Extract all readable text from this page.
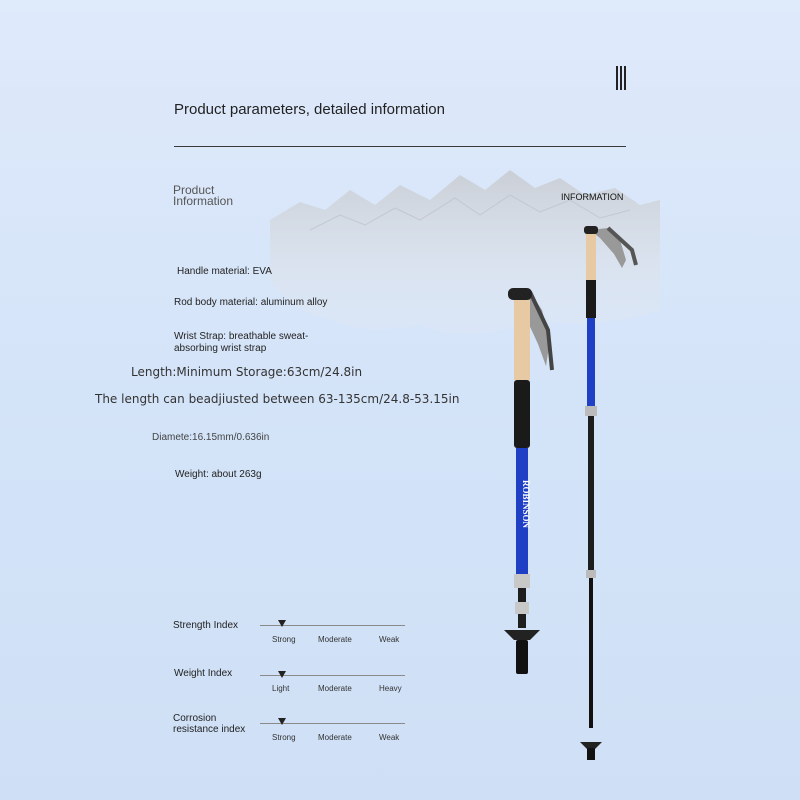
Product parameters, detailed information
Product
Information	INFORMATION
Handle material: EVA
Rod body material: aluminum alloy
Wrist Strap: breathable sweat-
absorbing wrist strap
Length:Minimum Storage:63cm/24.8in
The length can beadjiusted between 63-135cm/24.8-53.15in
Diamete:16.15mm/0.636in
Weight: about 263g
ROBINSON
Strength Index
Strong	Moderate	Weak
Weight Index
Light	Moderate	Heavy
Corrosion
resistance index
Strong	Moderate	Weak
